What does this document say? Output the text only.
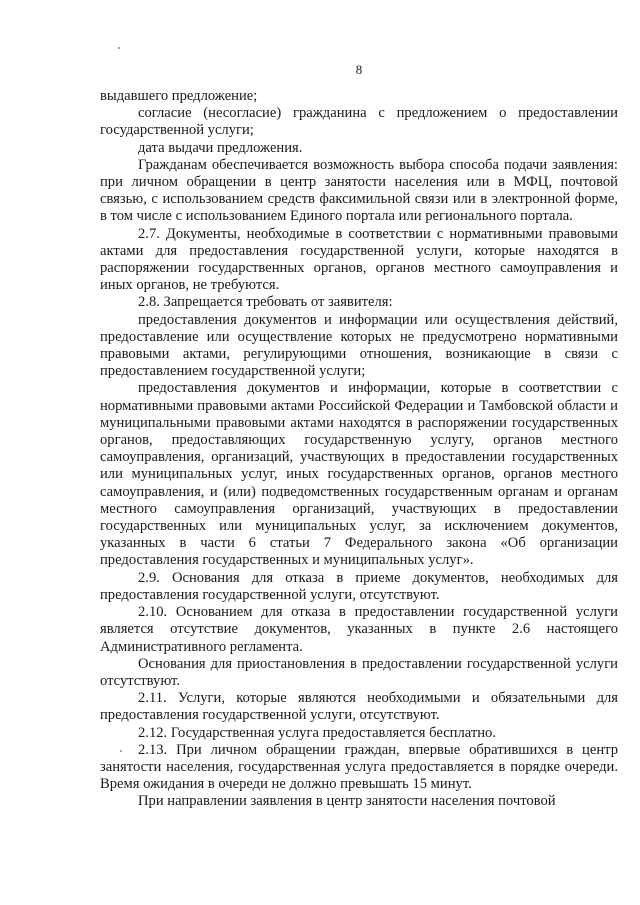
8

выдавшего предложение;

согласие (несогласие) гражданина с предложением о предоставлении государственной услуги;

дата выдачи предложения.

Гражданам обеспечивается возможность выбора способа подачи заявления: при личном обращении в центр занятости населения или в МФЦ, почтовой связью, с использованием средств факсимильной связи или в электронной форме, в том числе с использованием Единого портала или регионального портала.

2.7. Документы, необходимые в соответствии с нормативными правовыми актами для предоставления государственной услуги, которые находятся в распоряжении государственных органов, органов местного самоуправления и иных органов, не требуются.

2.8. Запрещается требовать от заявителя:

предоставления документов и информации или осуществления действий, предоставление или осуществление которых не предусмотрено нормативными правовыми актами, регулирующими отношения, возникающие в связи с предоставлением государственной услуги;

предоставления документов и информации, которые в соответствии с нормативными правовыми актами Российской Федерации и Тамбовской области и муниципальными правовыми актами находятся в распоряжении государственных органов, предоставляющих государственную услугу, органов местного самоуправления, организаций, участвующих в предоставлении государственных или муниципальных услуг, иных государственных органов, органов местного самоуправления, и (или) подведомственных государственным органам и органам местного самоуправления организаций, участвующих в предоставлении государственных или муниципальных услуг, за исключением документов, указанных в части 6 статьи 7 Федерального закона «Об организации предоставления государственных и муниципальных услуг».

2.9. Основания для отказа в приеме документов, необходимых для предоставления государственной услуги, отсутствуют.

2.10. Основанием для отказа в предоставлении государственной услуги является отсутствие документов, указанных в пункте 2.6 настоящего Административного регламента.

Основания для приостановления в предоставлении государственной услуги отсутствуют.

2.11. Услуги, которые являются необходимыми и обязательными для предоставления государственной услуги, отсутствуют.

2.12. Государственная услуга предоставляется бесплатно.

2.13. При личном обращении граждан, впервые обратившихся в центр занятости населения, государственная услуга предоставляется в порядке очереди. Время ожидания в очереди не должно превышать 15 минут.

При направлении заявления в центр занятости населения почтовой
